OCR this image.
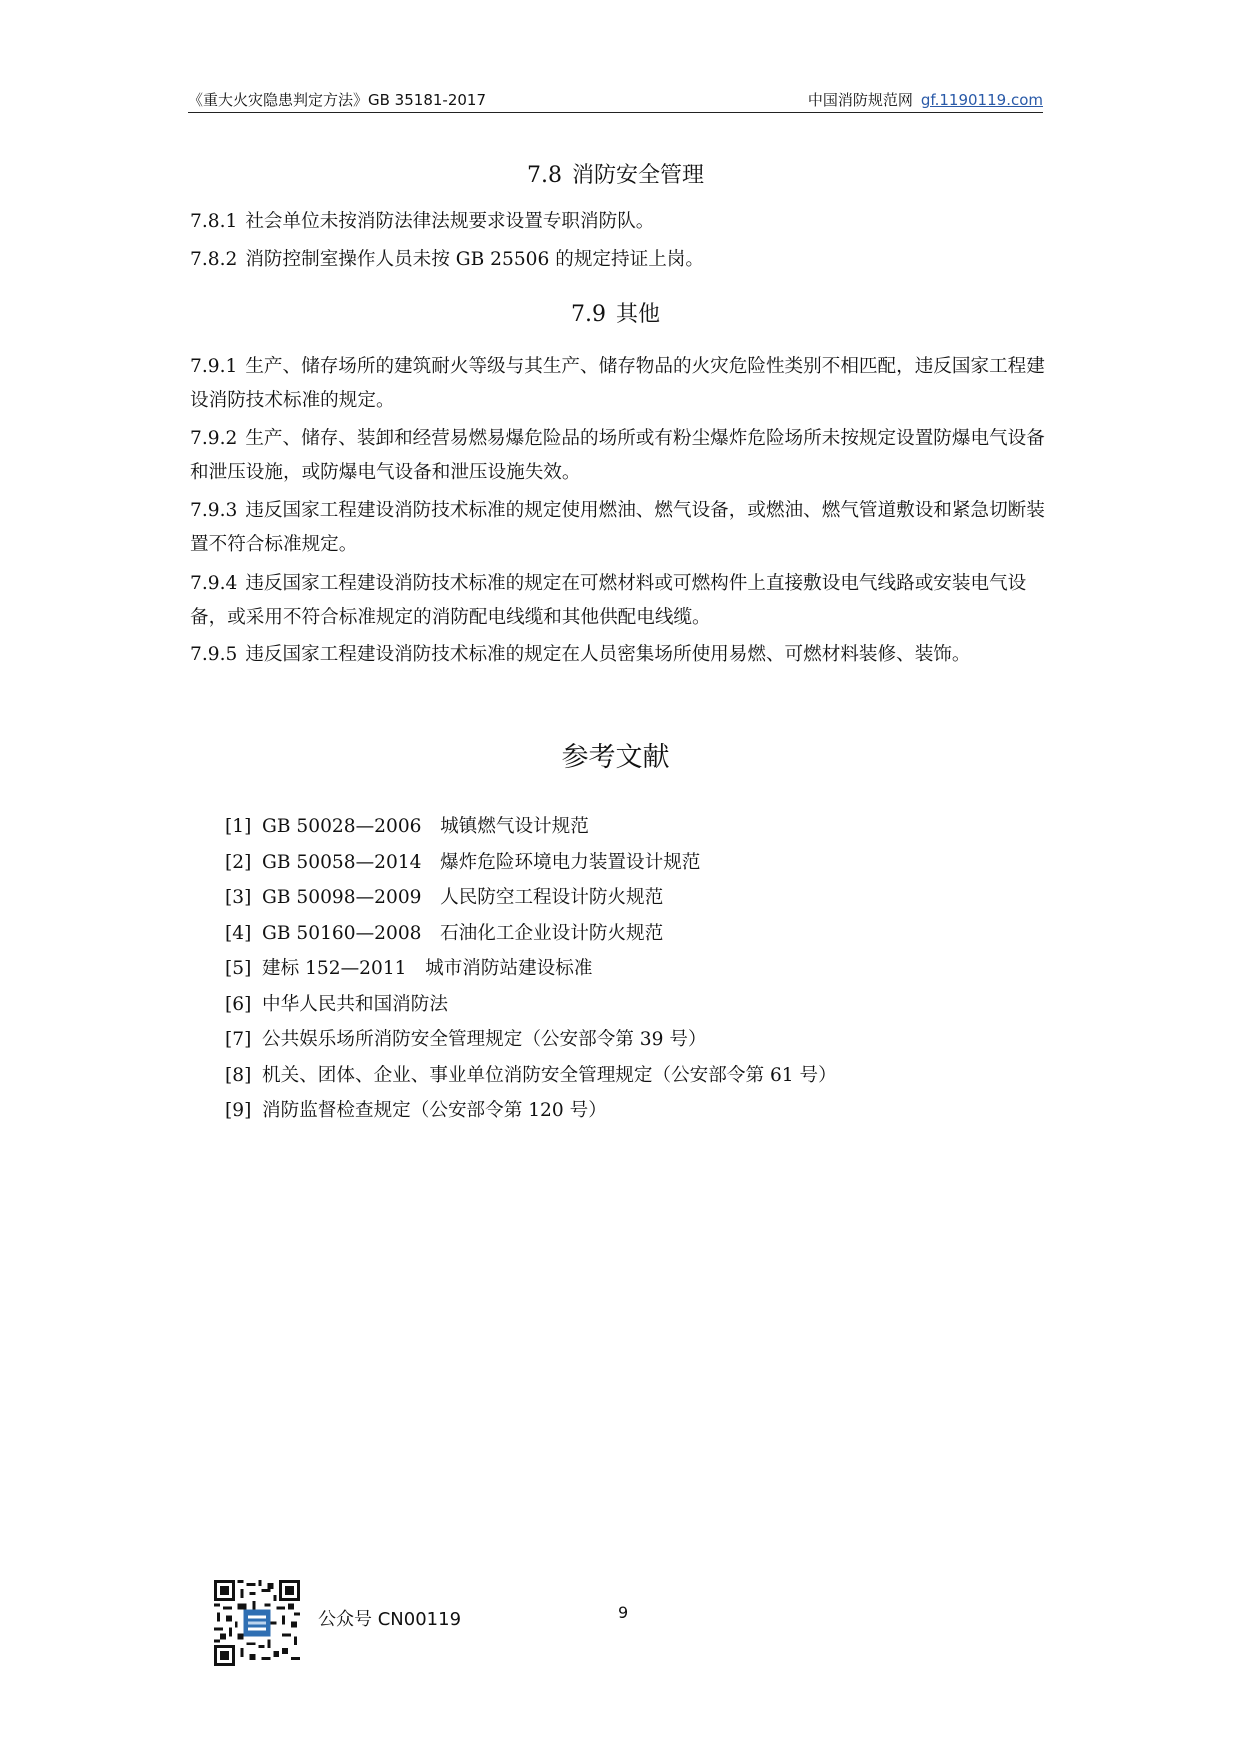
《重大火灾隐患判定方法》GB 35181-2017	中国消防规范网 gf.1190119.com
7.8 消防安全管理
7.8.1 社会单位未按消防法律法规要求设置专职消防队。
7.8.2 消防控制室操作人员未按 GB 25506 的规定持证上岗。
7.9 其他
7.9.1 生产、储存场所的建筑耐火等级与其生产、储存物品的火灾危险性类别不相匹配，违反国家工程建设消防技术标准的规定。
7.9.2 生产、储存、装卸和经营易燃易爆危险品的场所或有粉尘爆炸危险场所未按规定设置防爆电气设备和泄压设施，或防爆电气设备和泄压设施失效。
7.9.3 违反国家工程建设消防技术标准的规定使用燃油、燃气设备，或燃油、燃气管道敷设和紧急切断装置不符合标准规定。
7.9.4 违反国家工程建设消防技术标准的规定在可燃材料或可燃构件上直接敷设电气线路或安装电气设备，或采用不符合标准规定的消防配电线缆和其他供配电线缆。
7.9.5 违反国家工程建设消防技术标准的规定在人员密集场所使用易燃、可燃材料装修、装饰。
参考文献
[1] GB 50028—2006　城镇燃气设计规范
[2] GB 50058—2014　爆炸危险环境电力装置设计规范
[3] GB 50098—2009　人民防空工程设计防火规范
[4] GB 50160—2008　石油化工企业设计防火规范
[5] 建标 152—2011　城市消防站建设标准
[6] 中华人民共和国消防法
[7] 公共娱乐场所消防安全管理规定（公安部令第 39 号）
[8] 机关、团体、企业、事业单位消防安全管理规定（公安部令第 61 号）
[9] 消防监督检查规定（公安部令第 120 号）
公众号 CN00119	9
